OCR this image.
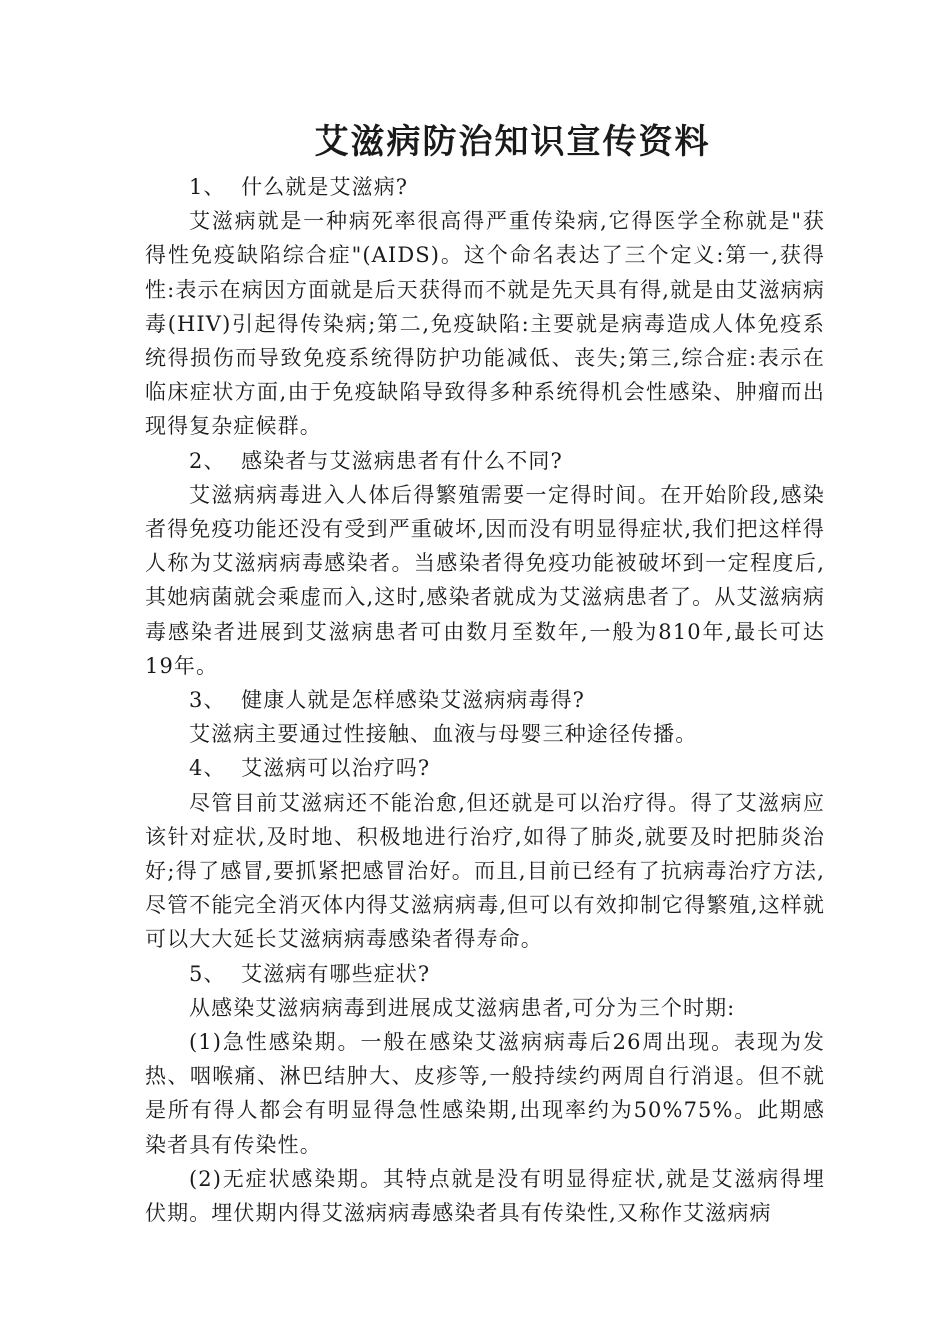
艾滋病防治知识宣传资料

1、  什么就是艾滋病?

艾滋病就是一种病死率很高得严重传染病,它得医学全称就是"获得性免疫缺陷综合症"(AIDS)。这个命名表达了三个定义:第一,获得性:表示在病因方面就是后天获得而不就是先天具有得,就是由艾滋病病毒(HIV)引起得传染病;第二,免疫缺陷:主要就是病毒造成人体免疫系统得损伤而导致免疫系统得防护功能减低、丧失;第三,综合症:表示在临床症状方面,由于免疫缺陷导致得多种系统得机会性感染、肿瘤而出现得复杂症候群。

2、  感染者与艾滋病患者有什么不同?

艾滋病病毒进入人体后得繁殖需要一定得时间。在开始阶段,感染者得免疫功能还没有受到严重破坏,因而没有明显得症状,我们把这样得人称为艾滋病病毒感染者。当感染者得免疫功能被破坏到一定程度后,其她病菌就会乘虚而入,这时,感染者就成为艾滋病患者了。从艾滋病病毒感染者进展到艾滋病患者可由数月至数年,一般为810年,最长可达19年。

3、  健康人就是怎样感染艾滋病病毒得?

艾滋病主要通过性接触、血液与母婴三种途径传播。

4、  艾滋病可以治疗吗?

尽管目前艾滋病还不能治愈,但还就是可以治疗得。得了艾滋病应该针对症状,及时地、积极地进行治疗,如得了肺炎,就要及时把肺炎治好;得了感冒,要抓紧把感冒治好。而且,目前已经有了抗病毒治疗方法,尽管不能完全消灭体内得艾滋病病毒,但可以有效抑制它得繁殖,这样就可以大大延长艾滋病病毒感染者得寿命。

5、  艾滋病有哪些症状?

从感染艾滋病病毒到进展成艾滋病患者,可分为三个时期:

(1)急性感染期。一般在感染艾滋病病毒后26周出现。表现为发热、咽喉痛、淋巴结肿大、皮疹等,一般持续约两周自行消退。但不就是所有得人都会有明显得急性感染期,出现率约为50%75%。此期感染者具有传染性。

(2)无症状感染期。其特点就是没有明显得症状,就是艾滋病得埋伏期。埋伏期内得艾滋病病毒感染者具有传染性,又称作艾滋病病
